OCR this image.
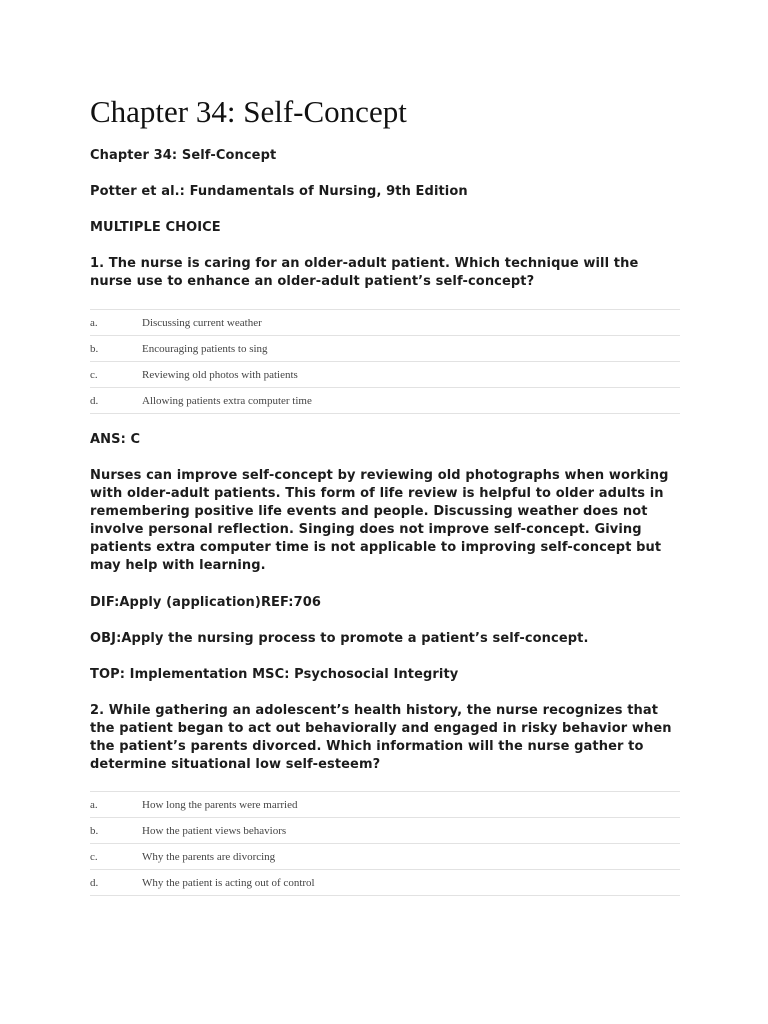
Chapter 34: Self-Concept
Chapter 34: Self-Concept
Potter et al.: Fundamentals of Nursing, 9th Edition
MULTIPLE CHOICE
1. The nurse is caring for an older-adult patient. Which technique will the nurse use to enhance an older-adult patient’s self-concept?
a.	Discussing current weather
b.	Encouraging patients to sing
c.	Reviewing old photos with patients
d.	Allowing patients extra computer time
ANS: C
Nurses can improve self-concept by reviewing old photographs when working with older-adult patients. This form of life review is helpful to older adults in remembering positive life events and people. Discussing weather does not involve personal reflection. Singing does not improve self-concept. Giving patients extra computer time is not applicable to improving self-concept but may help with learning.
DIF:Apply (application)REF:706
OBJ:Apply the nursing process to promote a patient’s self-concept.
TOP: Implementation MSC: Psychosocial Integrity
2. While gathering an adolescent’s health history, the nurse recognizes that the patient began to act out behaviorally and engaged in risky behavior when the patient’s parents divorced. Which information will the nurse gather to determine situational low self-esteem?
a.	How long the parents were married
b.	How the patient views behaviors
c.	Why the parents are divorcing
d.	Why the patient is acting out of control
